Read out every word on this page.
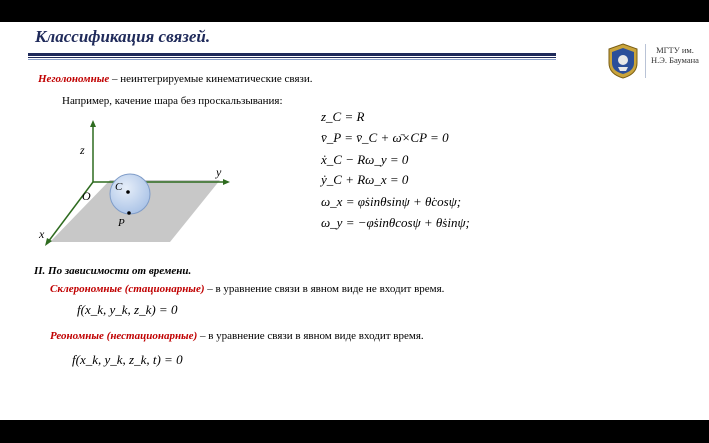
Классификация связей.
МГТУ им.
Н.Э. Баумана
Неголономные – неинтегрируемые кинематические связи.
Например, качение шара без проскальзывания:
z
y
x
O
C
P
z_C = R
v̄_P = v̄_C + ω̄×CP = 0
ẋ_C − Rω_y = 0
ẏ_C + Rω_x = 0
ω_x = φ̇sinθsinψ + θ̇cosψ;
ω_y = −φ̇sinθcosψ + θ̇sinψ;
II. По зависимости от времени.
Склерономные (стационарные) – в уравнение связи в явном виде не входит время.
f(x_k, y_k, z_k) = 0
Реономные (нестационарные) – в уравнение связи в явном виде входит время.
f(x_k, y_k, z_k, t) = 0
